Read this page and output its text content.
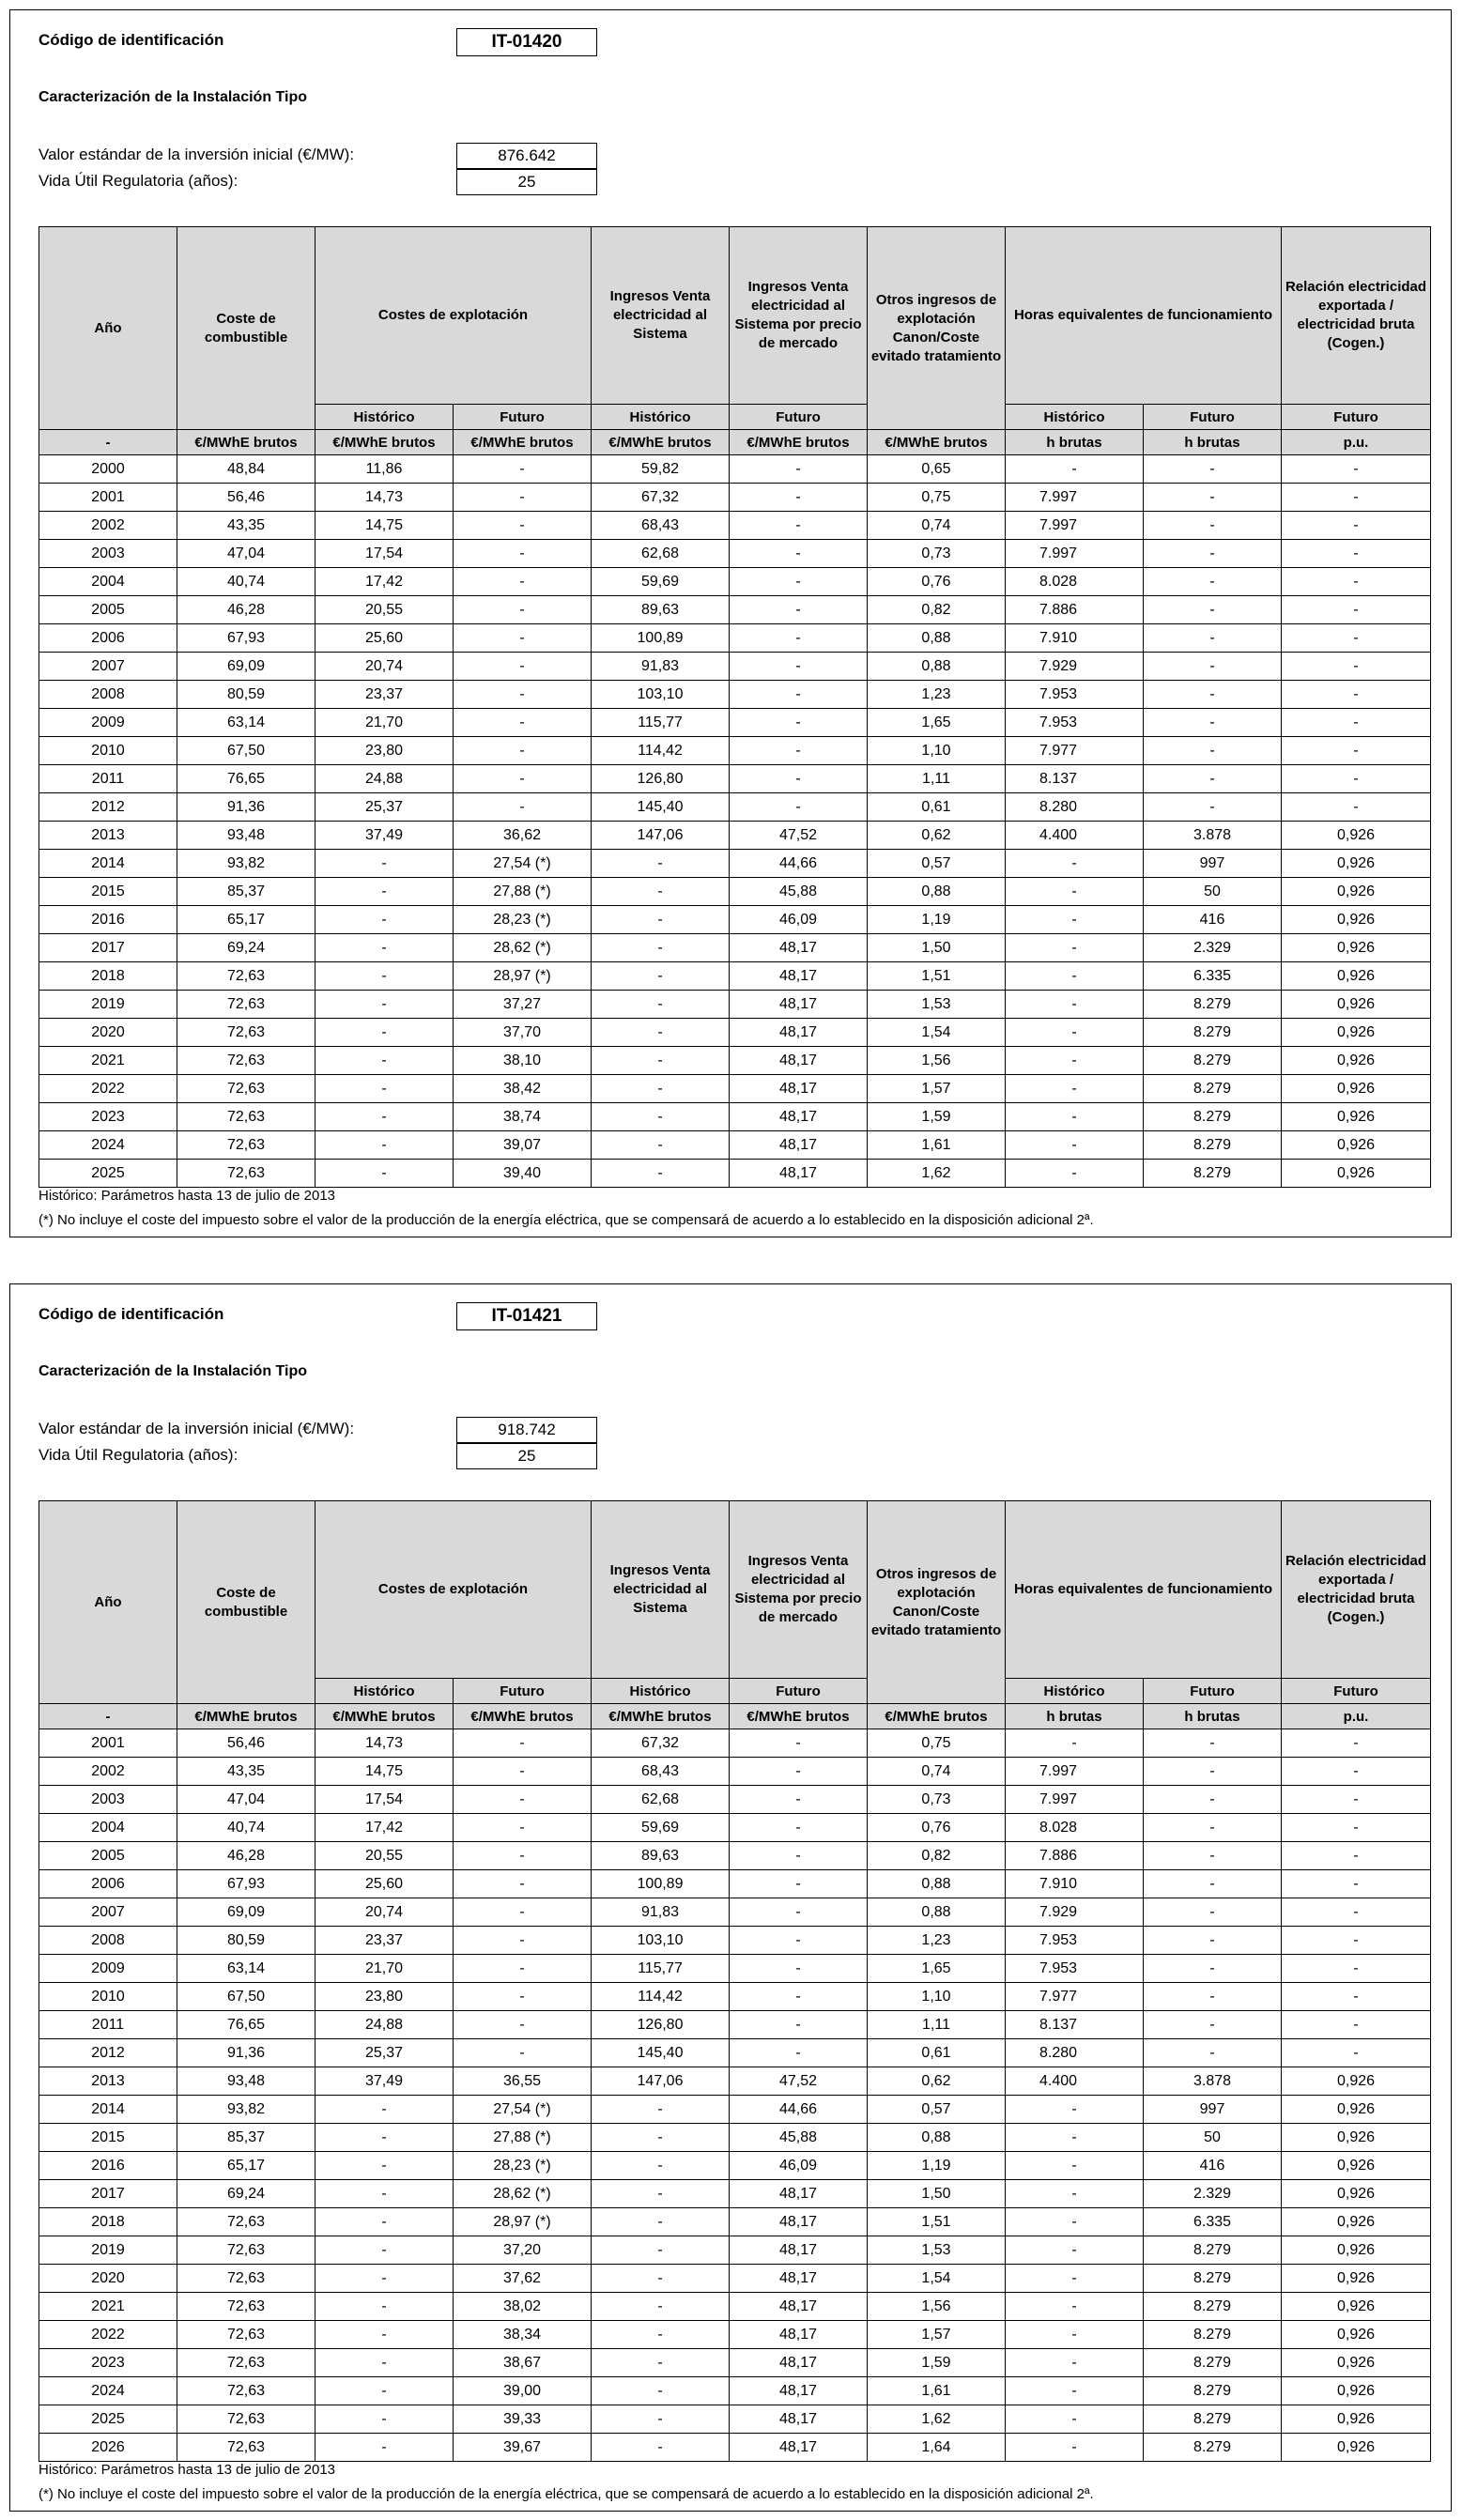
Código de identificación	IT-01420
Caracterización de la Instalación Tipo
Valor estándar de la inversión inicial (€/MW):	876.642
Vida Útil Regulatoria (años):	25
Año	Coste de combustible	Costes de explotación		Ingresos Venta electricidad al Sistema	Ingresos Venta electricidad al Sistema por precio de mercado	Otros ingresos de explotación Canon/Coste evitado tratamiento	Horas equivalentes de funcionamiento		Relación electricidad exportada / electricidad bruta (Cogen.)
		Histórico	Futuro	Histórico	Futuro		Histórico	Futuro	Futuro
-	€/MWhE brutos	€/MWhE brutos	€/MWhE brutos	€/MWhE brutos	€/MWhE brutos	€/MWhE brutos	h brutas	h brutas	p.u.
2000	48,84	11,86	-	59,82	-	0,65	-	-	-
2001	56,46	14,73	-	67,32	-	0,75	7.997	-	-
2002	43,35	14,75	-	68,43	-	0,74	7.997	-	-
2003	47,04	17,54	-	62,68	-	0,73	7.997	-	-
2004	40,74	17,42	-	59,69	-	0,76	8.028	-	-
2005	46,28	20,55	-	89,63	-	0,82	7.886	-	-
2006	67,93	25,60	-	100,89	-	0,88	7.910	-	-
2007	69,09	20,74	-	91,83	-	0,88	7.929	-	-
2008	80,59	23,37	-	103,10	-	1,23	7.953	-	-
2009	63,14	21,70	-	115,77	-	1,65	7.953	-	-
2010	67,50	23,80	-	114,42	-	1,10	7.977	-	-
2011	76,65	24,88	-	126,80	-	1,11	8.137	-	-
2012	91,36	25,37	-	145,40	-	0,61	8.280	-	-
2013	93,48	37,49	36,62	147,06	47,52	0,62	4.400	3.878	0,926
2014	93,82	-	27,54 (*)	-	44,66	0,57	-	997	0,926
2015	85,37	-	27,88 (*)	-	45,88	0,88	-	50	0,926
2016	65,17	-	28,23 (*)	-	46,09	1,19	-	416	0,926
2017	69,24	-	28,62 (*)	-	48,17	1,50	-	2.329	0,926
2018	72,63	-	28,97 (*)	-	48,17	1,51	-	6.335	0,926
2019	72,63	-	37,27	-	48,17	1,53	-	8.279	0,926
2020	72,63	-	37,70	-	48,17	1,54	-	8.279	0,926
2021	72,63	-	38,10	-	48,17	1,56	-	8.279	0,926
2022	72,63	-	38,42	-	48,17	1,57	-	8.279	0,926
2023	72,63	-	38,74	-	48,17	1,59	-	8.279	0,926
2024	72,63	-	39,07	-	48,17	1,61	-	8.279	0,926
2025	72,63	-	39,40	-	48,17	1,62	-	8.279	0,926
Histórico: Parámetros hasta 13 de julio de 2013
(*) No incluye el coste del impuesto sobre el valor de la producción de la energía eléctrica, que se compensará de acuerdo a lo establecido en la disposición adicional 2ª.
Código de identificación	IT-01421
Caracterización de la Instalación Tipo
Valor estándar de la inversión inicial (€/MW):	918.742
Vida Útil Regulatoria (años):	25
Año	Coste de combustible	Costes de explotación		Ingresos Venta electricidad al Sistema	Ingresos Venta electricidad al Sistema por precio de mercado	Otros ingresos de explotación Canon/Coste evitado tratamiento	Horas equivalentes de funcionamiento		Relación electricidad exportada / electricidad bruta (Cogen.)
		Histórico	Futuro	Histórico	Futuro		Histórico	Futuro	Futuro
-	€/MWhE brutos	€/MWhE brutos	€/MWhE brutos	€/MWhE brutos	€/MWhE brutos	€/MWhE brutos	h brutas	h brutas	p.u.
2001	56,46	14,73	-	67,32	-	0,75	-	-	-
2002	43,35	14,75	-	68,43	-	0,74	7.997	-	-
2003	47,04	17,54	-	62,68	-	0,73	7.997	-	-
2004	40,74	17,42	-	59,69	-	0,76	8.028	-	-
2005	46,28	20,55	-	89,63	-	0,82	7.886	-	-
2006	67,93	25,60	-	100,89	-	0,88	7.910	-	-
2007	69,09	20,74	-	91,83	-	0,88	7.929	-	-
2008	80,59	23,37	-	103,10	-	1,23	7.953	-	-
2009	63,14	21,70	-	115,77	-	1,65	7.953	-	-
2010	67,50	23,80	-	114,42	-	1,10	7.977	-	-
2011	76,65	24,88	-	126,80	-	1,11	8.137	-	-
2012	91,36	25,37	-	145,40	-	0,61	8.280	-	-
2013	93,48	37,49	36,55	147,06	47,52	0,62	4.400	3.878	0,926
2014	93,82	-	27,54 (*)	-	44,66	0,57	-	997	0,926
2015	85,37	-	27,88 (*)	-	45,88	0,88	-	50	0,926
2016	65,17	-	28,23 (*)	-	46,09	1,19	-	416	0,926
2017	69,24	-	28,62 (*)	-	48,17	1,50	-	2.329	0,926
2018	72,63	-	28,97 (*)	-	48,17	1,51	-	6.335	0,926
2019	72,63	-	37,20	-	48,17	1,53	-	8.279	0,926
2020	72,63	-	37,62	-	48,17	1,54	-	8.279	0,926
2021	72,63	-	38,02	-	48,17	1,56	-	8.279	0,926
2022	72,63	-	38,34	-	48,17	1,57	-	8.279	0,926
2023	72,63	-	38,67	-	48,17	1,59	-	8.279	0,926
2024	72,63	-	39,00	-	48,17	1,61	-	8.279	0,926
2025	72,63	-	39,33	-	48,17	1,62	-	8.279	0,926
2026	72,63	-	39,67	-	48,17	1,64	-	8.279	0,926
Histórico: Parámetros hasta 13 de julio de 2013
(*) No incluye el coste del impuesto sobre el valor de la producción de la energía eléctrica, que se compensará de acuerdo a lo establecido en la disposición adicional 2ª.
